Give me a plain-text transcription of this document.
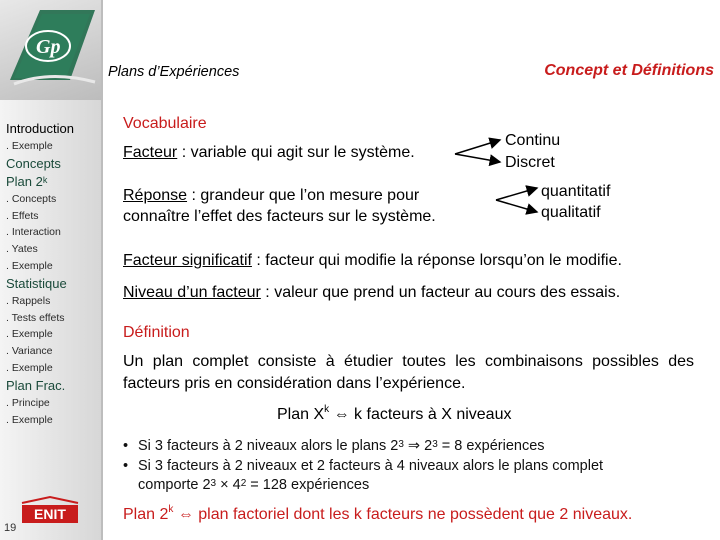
Gp
Introduction
. Exemple
Concepts
Plan 2$^k$
. Concepts
. Effets
. Interaction
. Yates
. Exemple
Statistique
. Rappels
. Tests effets
. Exemple
. Variance
. Exemple
Plan Frac.
. Principe
. Exemple
ENIT
19
Plans d’Expériences	Concept et Définitions
Vocabulaire
Facteur : variable qui agit sur le système.
Continu
Discret
Réponse : grandeur que l’on mesure pour
connaître l’effet des facteurs sur le système.
quantitatif
qualitatif
Facteur significatif : facteur qui modifie la réponse lorsqu’on le modifie.
Niveau d’un facteur : valeur que prend un facteur au cours des essais.
Définition
Un plan complet consiste à étudier toutes les combinaisons possibles des facteurs pris en considération dans l’expérience.
Plan $X^k$ ⇔ k facteurs à X niveaux
• Si 3 facteurs à 2 niveaux alors le plans $2^3$ ⇒ $2^3 = 8$ expériences
• Si 3 facteurs à 2 niveaux et 2 facteurs à 4 niveaux alors le plans complet
comporte $2^3 \times 4^2 = 128$ expériences
Plan 2$^k$ ⇔ plan factoriel dont les k facteurs ne possèdent que 2 niveaux.
